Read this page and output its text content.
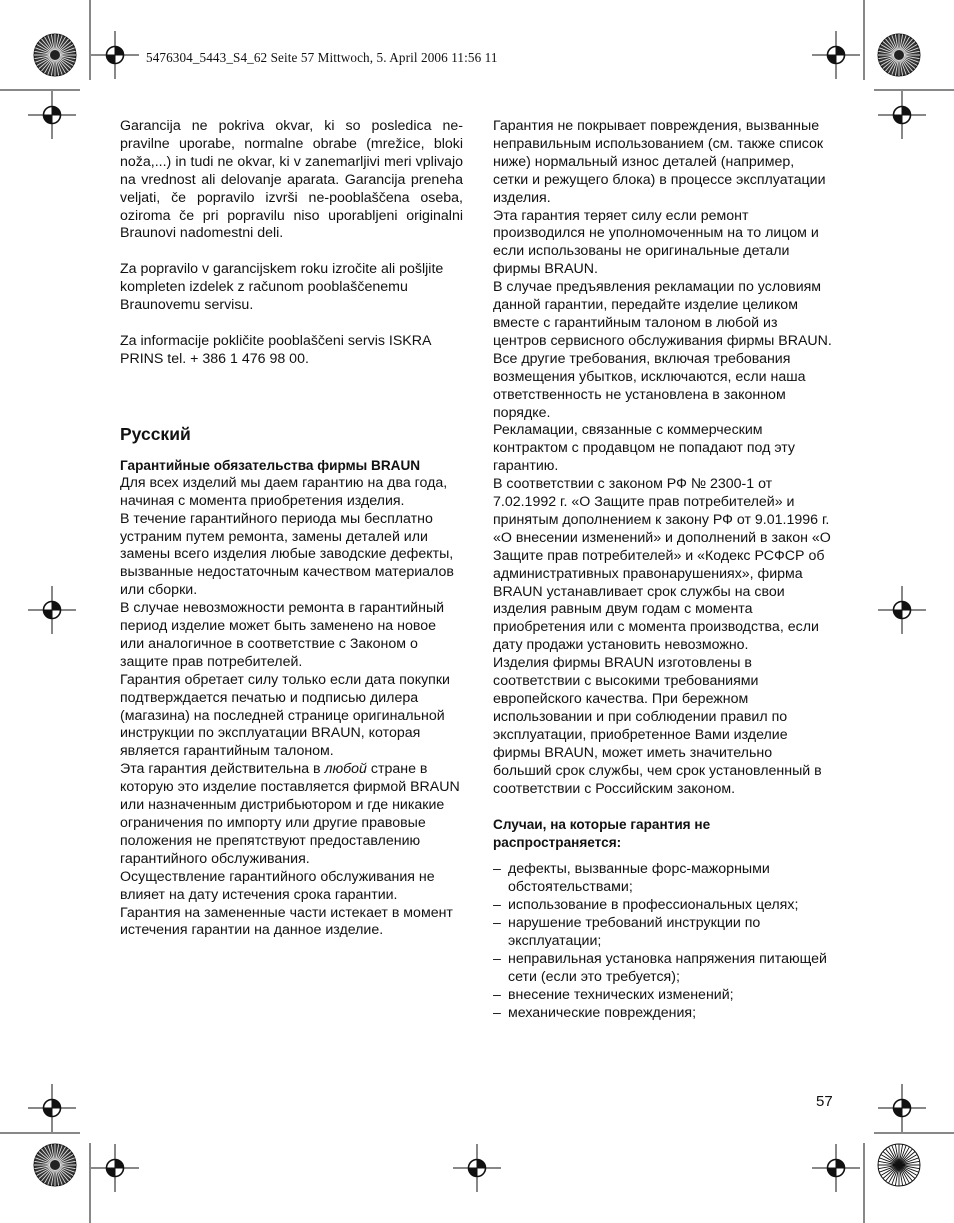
5476304_5443_S4_62 Seite 57 Mittwoch, 5. April 2006 11:56 11

Garancija ne pokriva okvar, ki so posledica ne-pravilne uporabe, normalne obrabe (mrežice, bloki noža,...) in tudi ne okvar, ki v zanemarljivi meri vplivajo na vrednost ali delovanje aparata. Garancija preneha veljati, če popravilo izvrši ne-pooblaščena oseba, oziroma če pri popravilu niso uporabljeni originalni Braunovi nadomestni deli.

Za popravilo v garancijskem roku izročite ali pošljite kompleten izdelek z računom pooblaščenemu Braunovemu servisu.

Za informacije pokličite pooblaščeni servis ISKRA PRINS tel. + 386 1 476 98 00.

Русский
Гарантийные обязательства фирмы BRAUN

Для всех изделий мы даем гарантию на два года, начиная с момента приобретения изделия.

В течение гарантийного периода мы бесплатно устраним путем ремонта, замены деталей или замены всего изделия любые заводские дефекты, вызванные недостаточным качеством материалов или сборки.

В случае невозможности ремонта в гарантийный период изделие может быть заменено на новое или аналогичное в соответствие с Законом о защите прав потребителей.

Гарантия обретает силу только если дата покупки подтверждается печатью и подписью дилера (магазина) на последней странице оригинальной инструкции по эксплуатации BRAUN, которая является гарантийным талоном.

Эта гарантия действительна в любой стране в которую это изделие поставляется фирмой BRAUN или назначенным дистрибьютором и где никакие ограничения по импорту или другие правовые положения не препятствуют предоставлению гарантийного обслуживания.

Осуществление гарантийного обслуживания не влияет на дату истечения срока гарантии.

Гарантия на замененные части истекает в момент истечения гарантии на данное изделие.

Гарантия не покрывает повреждения, вызванные неправильным использованием (см. также список ниже) нормальный износ деталей (например, сетки и режущего блока) в процессе эксплуатации изделия.

Эта гарантия теряет силу если ремонт производился не уполномоченным на то лицом и если использованы не оригинальные детали фирмы BRAUN.

В случае предъявления рекламации по условиям данной гарантии, передайте изделие целиком вместе с гарантийным талоном в любой из центров сервисного обслуживания фирмы BRAUN.

Все другие требования, включая требования возмещения убытков, исключаются, если наша ответственность не установлена в законном порядке.

Рекламации, связанные с коммерческим контрактом с продавцом не попадают под эту гарантию.

В соответствии с законом РФ № 2300-1 от 7.02.1992 г. «О Защите прав потребителей» и принятым дополнением к закону РФ от 9.01.1996 г. «О внесении изменений» и дополнений в закон «О Защите прав потребителей» и «Кодекс РСФСР об административных правонарушениях», фирма BRAUN устанавливает срок службы на свои изделия равным двум годам с момента приобретения или с момента производства, если дату продажи установить невозможно.

Изделия фирмы BRAUN изготовлены в соответствии с высокими требованиями европейского качества. При бережном использовании и при соблюдении правил по эксплуатации, приобретенное Вами изделие фирмы BRAUN, может иметь значительно больший срок службы, чем срок установленный в соответствии с Российским законом.

Случаи, на которые гарантия не распространяется:
– дефекты, вызванные форс-мажорными обстоятельствами;
– использование в профессиональных целях;
– нарушение требований инструкции по эксплуатации;
– неправильная установка напряжения питающей сети (если это требуется);
– внесение технических изменений;
– механические повреждения;
57
